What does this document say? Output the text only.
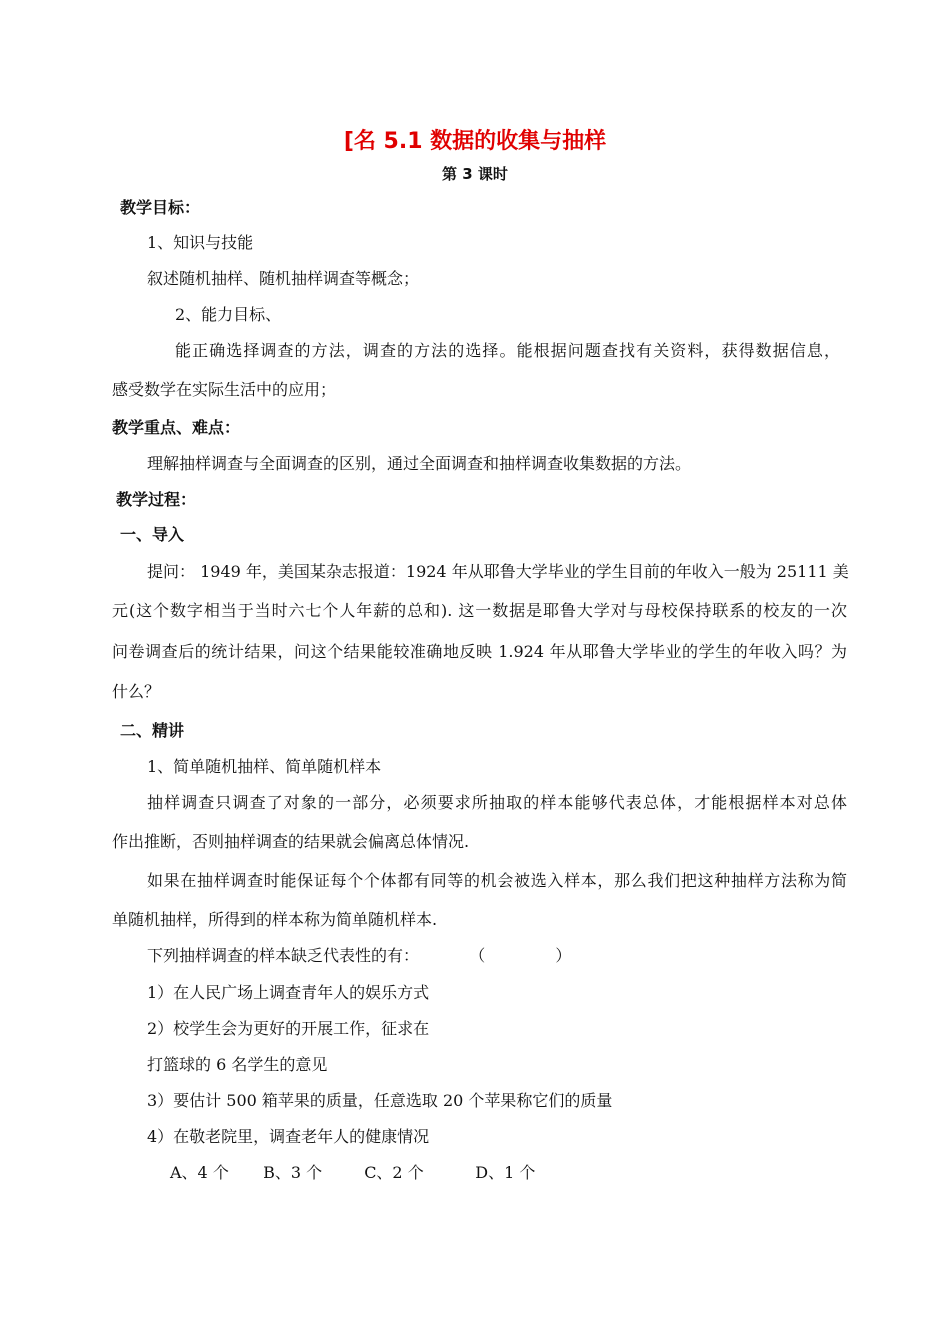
[名 5.1 数据的收集与抽样
第 3 课时
教学目标：
1、知识与技能
叙述随机抽样、随机抽样调查等概念；
2、能力目标、
能正确选择调查的方法，调查的方法的选择。能根据问题查找有关资料，获得数据信息，
感受数学在实际生活中的应用；
教学重点、难点：
理解抽样调查与全面调查的区别，通过全面调查和抽样调查收集数据的方法。
教学过程：
一、导入
提问： 1949 年，美国某杂志报道：1924 年从耶鲁大学毕业的学生目前的年收入一般为 25111 美
元(这个数字相当于当时六七个人年薪的总和). 这一数据是耶鲁大学对与母校保持联系的校友的一次
问卷调查后的统计结果，问这个结果能较准确地反映 1.924 年从耶鲁大学毕业的学生的年收入吗？为
什么？
二、精讲
1、简单随机抽样、简单随机样本
抽样调查只调查了对象的一部分，必须要求所抽取的样本能够代表总体，才能根据样本对总体
作出推断，否则抽样调查的结果就会偏离总体情况.
如果在抽样调查时能保证每个个体都有同等的机会被选入样本，那么我们把这种抽样方法称为简
单随机抽样，所得到的样本称为简单随机样本.
下列抽样调查的样本缺乏代表性的有：	（	）
1）在人民广场上调查青年人的娱乐方式
2）校学生会为更好的开展工作，征求在
打篮球的 6 名学生的意见
3）要估计 500 箱苹果的质量，任意选取 20 个苹果称它们的质量
4）在敬老院里，调查老年人的健康情况
A、4 个 B、3 个	C、2 个	D、1 个
